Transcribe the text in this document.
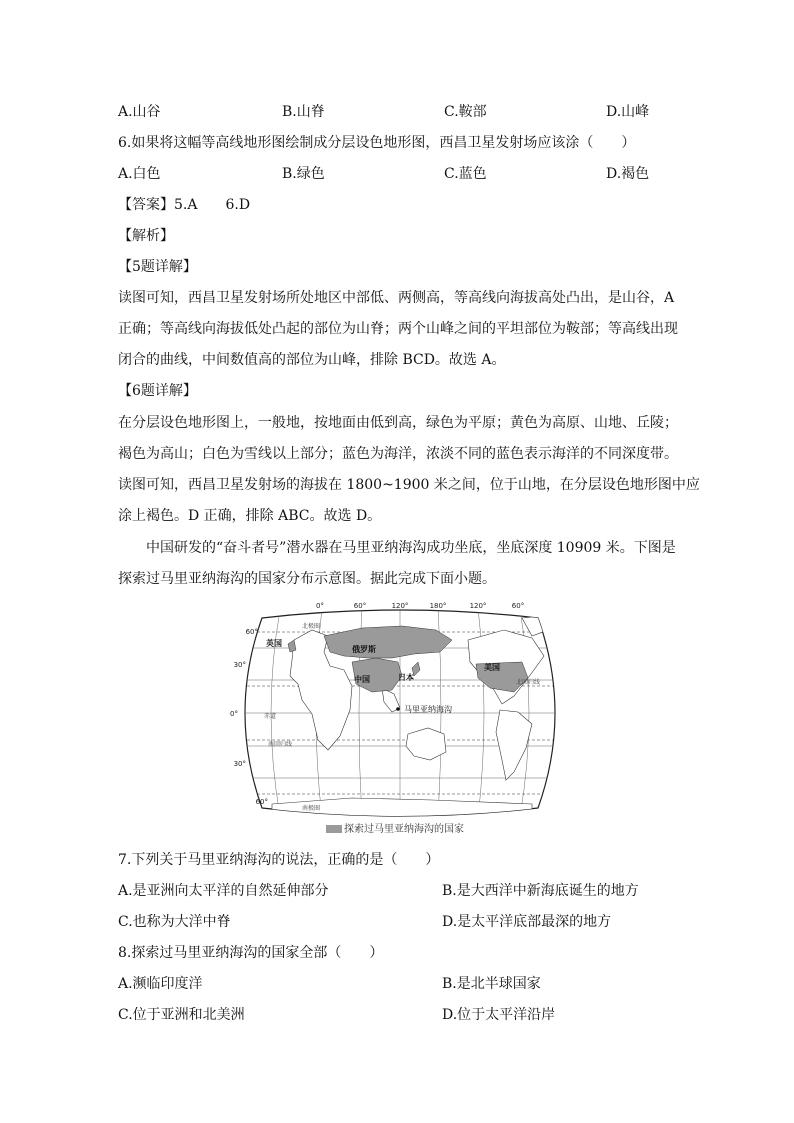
A.山谷	B.山脊	C.鞍部	D.山峰
6.如果将这幅等高线地形图绘制成分层设色地形图，西昌卫星发射场应该涂（　　）
A.白色	B.绿色	C.蓝色	D.褐色
【答案】5.A　　6.D
【解析】
【5题详解】
读图可知，西昌卫星发射场所处地区中部低、两侧高，等高线向海拔高处凸出，是山谷，A
正确；等高线向海拔低处凸起的部位为山脊；两个山峰之间的平坦部位为鞍部；等高线出现
闭合的曲线，中间数值高的部位为山峰，排除 BCD。故选 A。
【6题详解】
在分层设色地形图上，一般地，按地面由低到高，绿色为平原；黄色为高原、山地、丘陵；
褐色为高山；白色为雪线以上部分；蓝色为海洋，浓淡不同的蓝色表示海洋的不同深度带。
读图可知，西昌卫星发射场的海拔在 1800~1900 米之间，位于山地，在分层设色地形图中应
涂上褐色。D 正确，排除 ABC。故选 D。
中国研发的“奋斗者号”潜水器在马里亚纳海沟成功坐底，坐底深度 10909 米。下图是
探索过马里亚纳海沟的国家分布示意图。据此完成下面小题。
0°	60°	120°	180°	120°	60°
60°
30°
0°
30°
60°
北极圈
北回归线
赤道
南回归线
南极圈
英国
俄罗斯
中国	日本
美国
马里亚纳海沟
探索过马里亚纳海沟的国家
7.下列关于马里亚纳海沟的说法，正确的是（　　）
A.是亚洲向太平洋的自然延伸部分	B.是大西洋中新海底诞生的地方
C.也称为大洋中脊	D.是太平洋底部最深的地方
8.探索过马里亚纳海沟的国家全部（　　）
A.濒临印度洋	B.是北半球国家
C.位于亚洲和北美洲	D.位于太平洋沿岸
